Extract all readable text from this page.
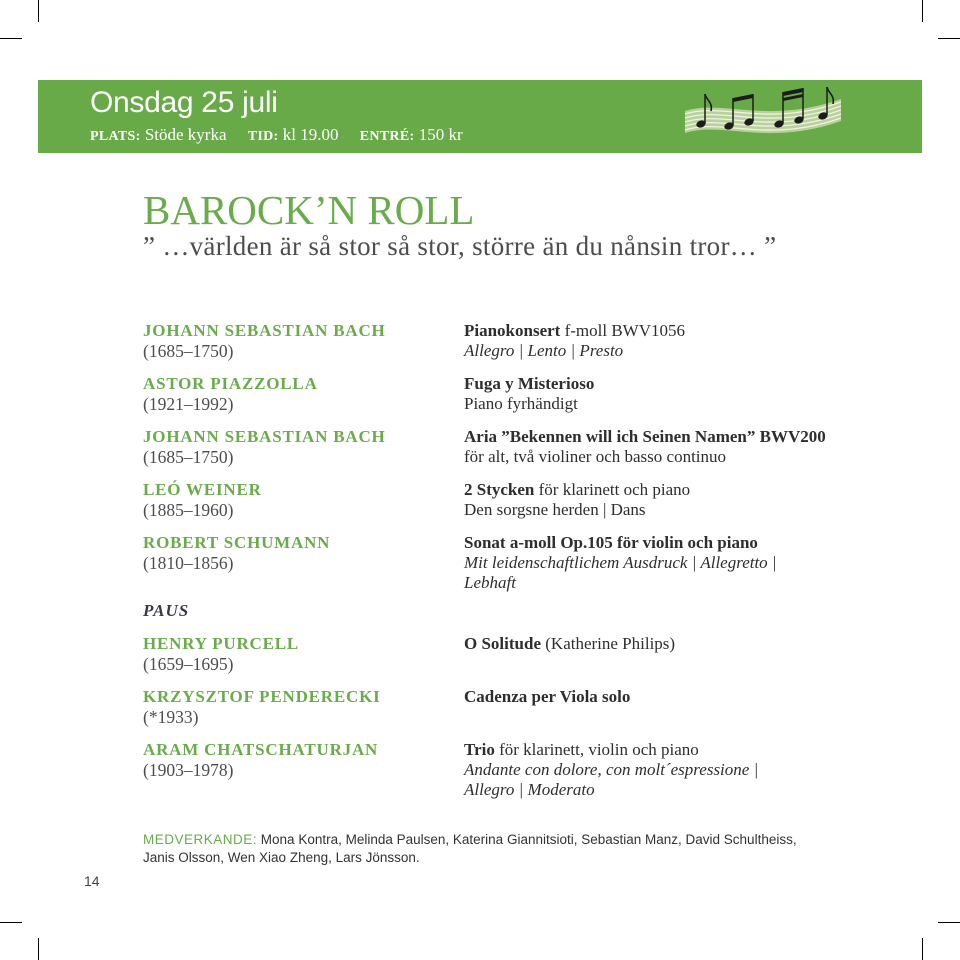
Onsdag 25 juli
PLATS: Stöde kyrka TID: kl 19.00 ENTRÉ: 150 kr
BAROCK’N ROLL
” …världen är så stor så stor, större än du nånsin tror… ”
JOHANN SEBASTIAN BACH
(1685–1750)
Pianokonsert f-moll BWV1056
Allegro | Lento | Presto
ASTOR PIAZZOLLA
(1921–1992)
Fuga y Misterioso
Piano fyrhändigt
JOHANN SEBASTIAN BACH
(1685–1750)
Aria ”Bekennen will ich Seinen Namen” BWV200
för alt, två violiner och basso continuo
LEÓ WEINER
(1885–1960)
2 Stycken för klarinett och piano
Den sorgsne herden | Dans
ROBERT SCHUMANN
(1810–1856)
Sonat a-moll Op.105 för violin och piano
Mit leidenschaftlichem Ausdruck | Allegretto |
Lebhaft
PAUS
HENRY PURCELL
(1659–1695)
O Solitude (Katherine Philips)
KRZYSZTOF PENDERECKI
(*1933)
Cadenza per Viola solo
ARAM CHATSCHATURJAN
(1903–1978)
Trio för klarinett, violin och piano
Andante con dolore, con molt´espressione |
Allegro | Moderato
MEDVERKANDE: Mona Kontra, Melinda Paulsen, Katerina Giannitsioti, Sebastian Manz, David Schultheiss,
Janis Olsson, Wen Xiao Zheng, Lars Jönsson.
14
